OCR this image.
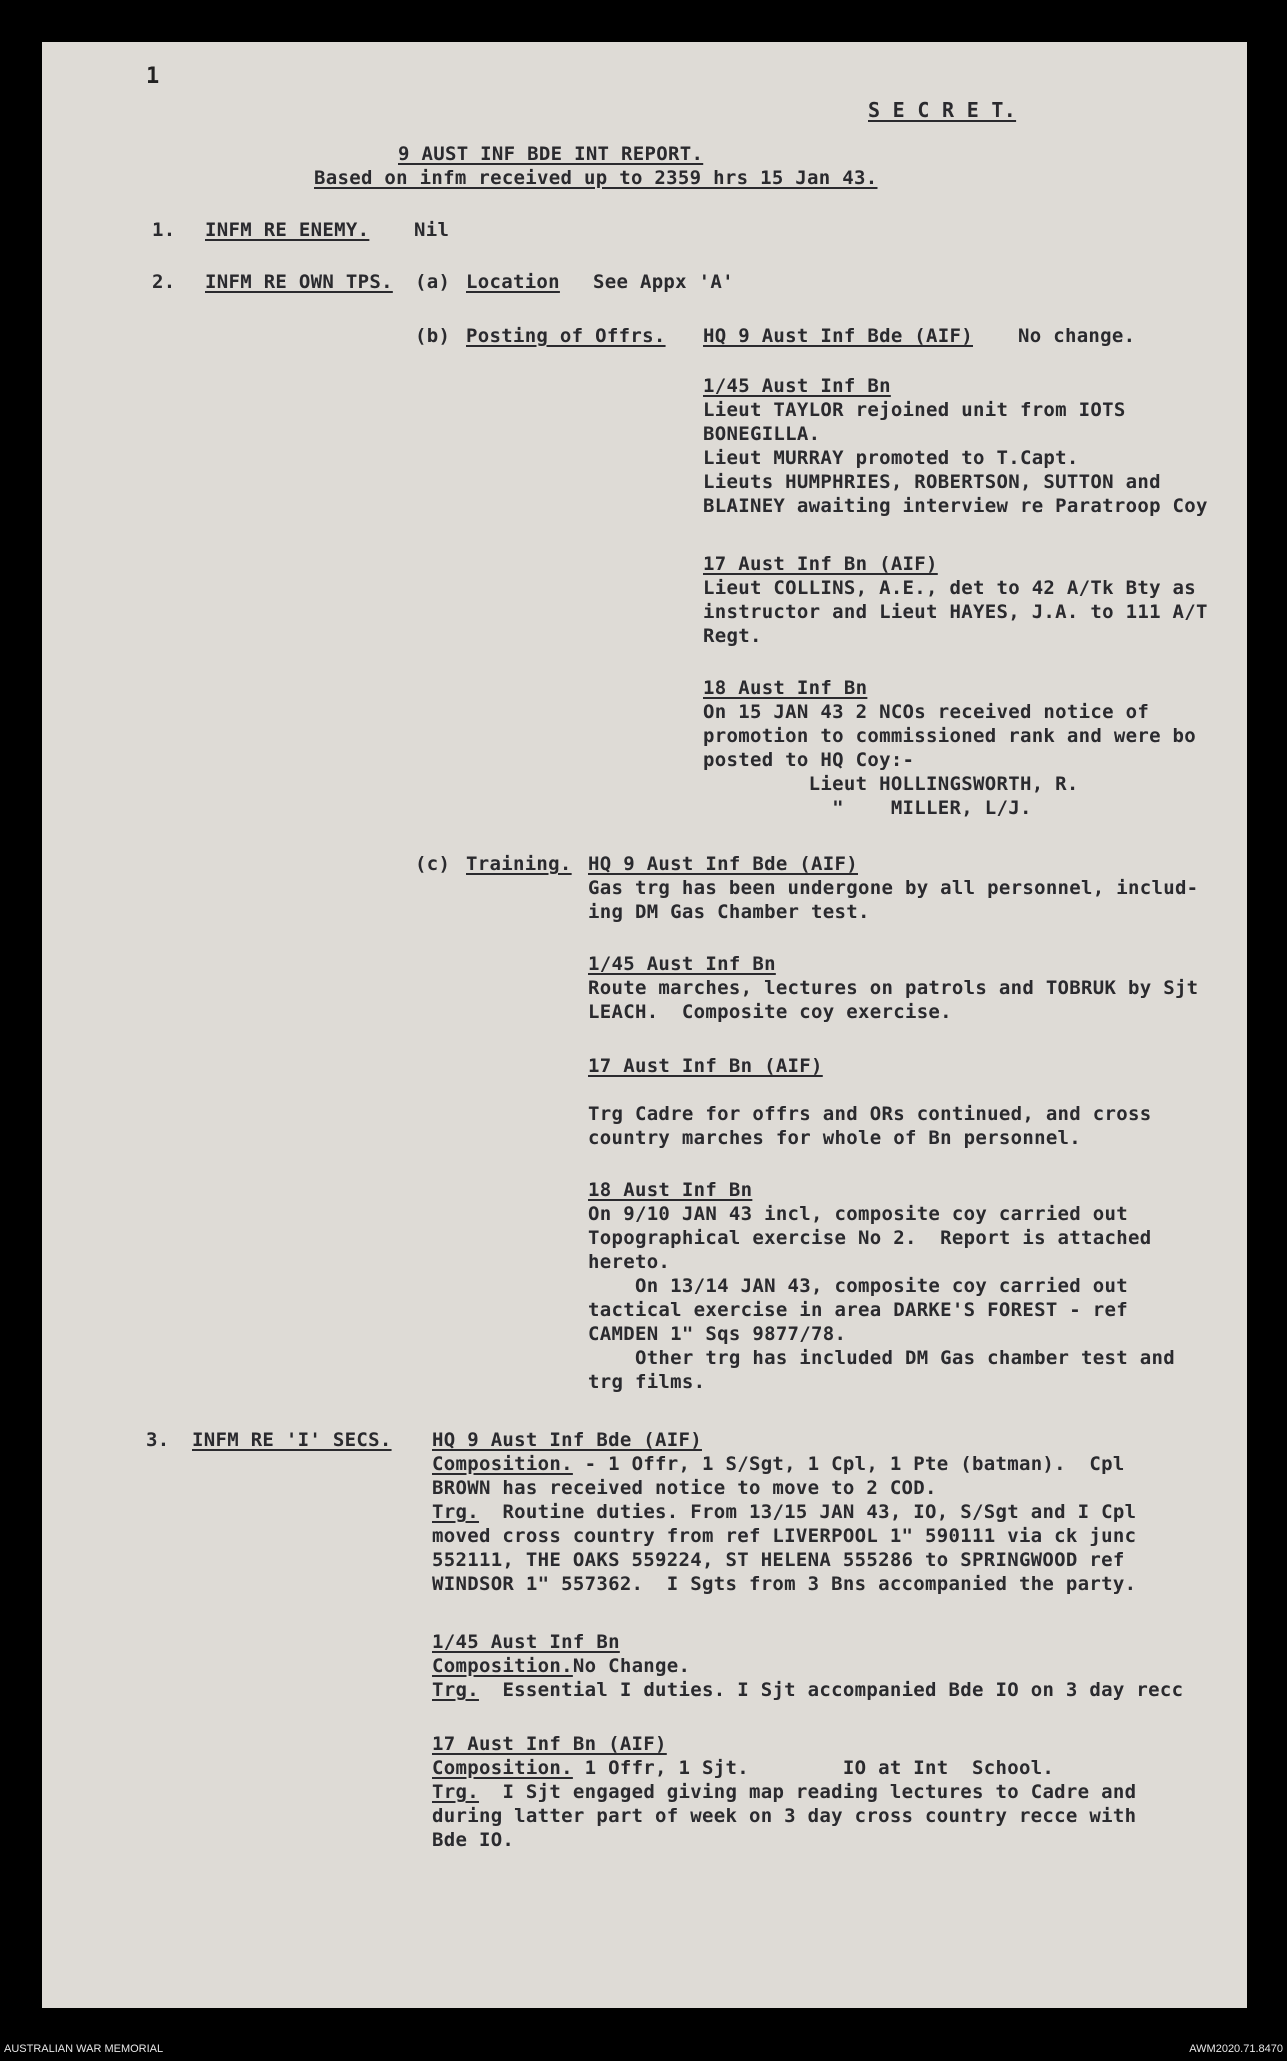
1
S E C R E T.
9 AUST INF BDE INT REPORT.
Based on infm received up to 2359 hrs 15 Jan 43.
1. INFM RE ENEMY. Nil
2. INFM RE OWN TPS. (a) Location See Appx 'A'
(b) Posting of Offrs. HQ 9 Aust Inf Bde (AIF) No change.
1/45 Aust Inf Bn
Lieut TAYLOR rejoined unit from IOTS
BONEGILLA.
Lieut MURRAY promoted to T.Capt.
Lieuts HUMPHRIES, ROBERTSON, SUTTON and
BLAINEY awaiting interview re Paratroop Coy
17 Aust Inf Bn (AIF)
Lieut COLLINS, A.E., det to 42 A/Tk Bty as
instructor and Lieut HAYES, J.A. to 111 A/T
Regt.
18 Aust Inf Bn
On 15 JAN 43 2 NCOs received notice of
promotion to commissioned rank and were bo
posted to HQ Coy:-
Lieut HOLLINGSWORTH, R.
"    MILLER, L/J.
(c) Training. HQ 9 Aust Inf Bde (AIF)
Gas trg has been undergone by all personnel, includ-
ing DM Gas Chamber test.
1/45 Aust Inf Bn
Route marches, lectures on patrols and TOBRUK by Sjt
LEACH.  Composite coy exercise.
17 Aust Inf Bn (AIF)
Trg Cadre for offrs and ORs continued, and cross
country marches for whole of Bn personnel.
18 Aust Inf Bn
On 9/10 JAN 43 incl, composite coy carried out
Topographical exercise No 2.  Report is attached
hereto.
On 13/14 JAN 43, composite coy carried out
tactical exercise in area DARKE'S FOREST - ref
CAMDEN 1" Sqs 9877/78.
Other trg has included DM Gas chamber test and
trg films.
3. INFM RE 'I' SECS. HQ 9 Aust Inf Bde (AIF)
Composition. - 1 Offr, 1 S/Sgt, 1 Cpl, 1 Pte (batman).  Cpl
BROWN has received notice to move to 2 COD.
Trg.  Routine duties. From 13/15 JAN 43, IO, S/Sgt and I Cpl
moved cross country from ref LIVERPOOL 1" 590111 via ck junc
552111, THE OAKS 559224, ST HELENA 555286 to SPRINGWOOD ref
WINDSOR 1" 557362.  I Sgts from 3 Bns accompanied the party.
1/45 Aust Inf Bn
Composition.No Change.
Trg.  Essential I duties. I Sjt accompanied Bde IO on 3 day recc
17 Aust Inf Bn (AIF)
Composition. 1 Offr, 1 Sjt.        IO at Int  School.
Trg.  I Sjt engaged giving map reading lectures to Cadre and
during latter part of week on 3 day cross country recce with
Bde IO.
AUSTRALIAN WAR MEMORIAL	AWM2020.71.8470
